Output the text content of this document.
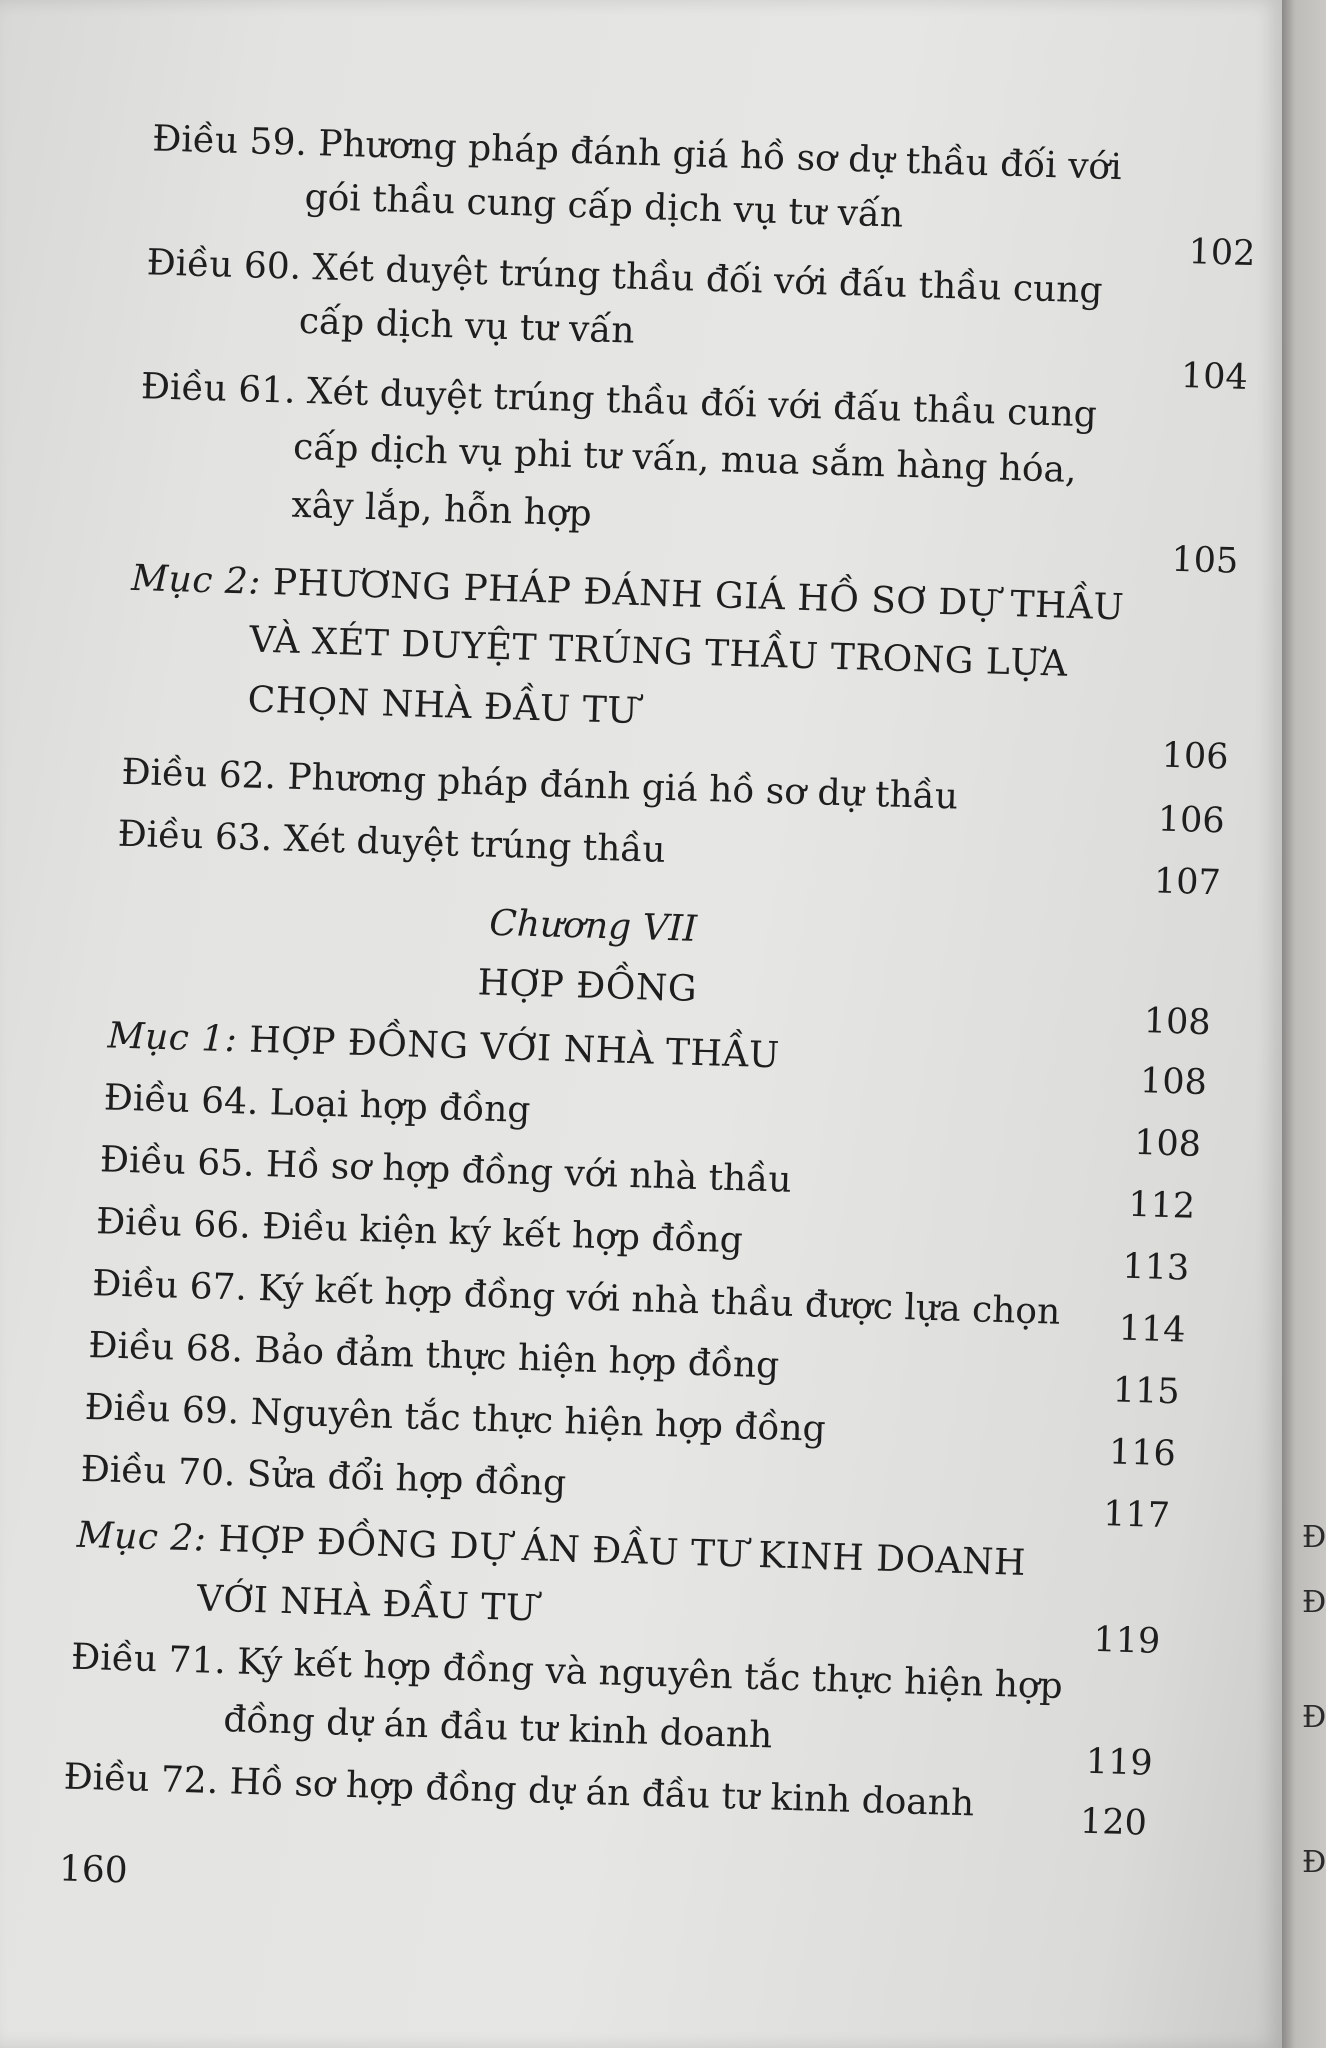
Đ
Đ
Đ
Đ
Điều 59. Phương pháp đánh giá hồ sơ dự thầu đối với
gói thầu cung cấp dịch vụ tư vấn
102
Điều 60. Xét duyệt trúng thầu đối với đấu thầu cung
cấp dịch vụ tư vấn
104
Điều 61. Xét duyệt trúng thầu đối với đấu thầu cung
cấp dịch vụ phi tư vấn, mua sắm hàng hóa,
xây lắp, hỗn hợp
105
Mục 2: PHƯƠNG PHÁP ĐÁNH GIÁ HỒ SƠ DỰ THẦU
VÀ XÉT DUYỆT TRÚNG THẦU TRONG LỰA
CHỌN NHÀ ĐẦU TƯ
106
Điều 62. Phương pháp đánh giá hồ sơ dự thầu
106
Điều 63. Xét duyệt trúng thầu
107
Chương VII
HỢP ĐỒNG
108
Mục 1: HỢP ĐỒNG VỚI NHÀ THẦU
108
Điều 64. Loại hợp đồng
108
Điều 65. Hồ sơ hợp đồng với nhà thầu
112
Điều 66. Điều kiện ký kết hợp đồng
113
Điều 67. Ký kết hợp đồng với nhà thầu được lựa chọn	114
Điều 68. Bảo đảm thực hiện hợp đồng
115
Điều 69. Nguyên tắc thực hiện hợp đồng
116
Điều 70. Sửa đổi hợp đồng
117
Mục 2: HỢP ĐỒNG DỰ ÁN ĐẦU TƯ KINH DOANH
VỚI NHÀ ĐẦU TƯ
119
Điều 71. Ký kết hợp đồng và nguyên tắc thực hiện hợp
đồng dự án đầu tư kinh doanh
119
Điều 72. Hồ sơ hợp đồng dự án đầu tư kinh doanh	120
160
